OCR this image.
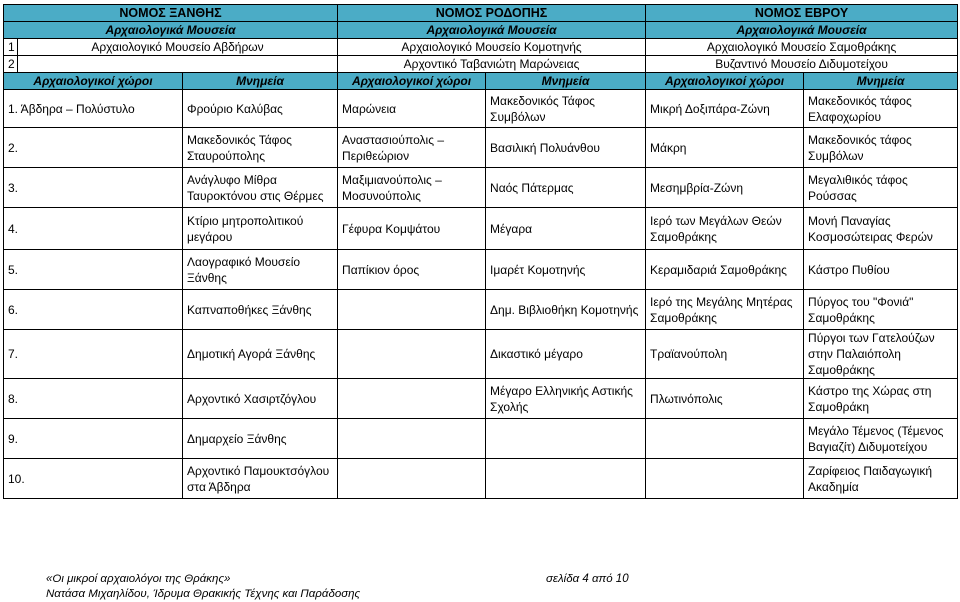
ΝΟΜΟΣ ΞΑΝΘΗΣ			ΝΟΜΟΣ ΡΟΔΟΠΗΣ		ΝΟΜΟΣ ΕΒΡΟΥ	
Αρχαιολογικά Μουσεία			Αρχαιολογικά Μουσεία		Αρχαιολογικά Μουσεία	
1	Αρχαιολογικό Μουσείο Αβδήρων		Αρχαιολογικό Μουσείο Κομοτηνής		Αρχαιολογικό Μουσείο Σαμοθράκης	
2			Αρχοντικό Ταβανιώτη Μαρώνειας		Βυζαντινό Μουσείο Διδυμοτείχου	
Αρχαιολογικοί χώροι		Μνημεία	Αρχαιολογικοί χώροι	Μνημεία	Αρχαιολογικοί χώροι	Μνημεία
1. Άβδηρα – Πολύστυλο		Φρούριο Καλύβας	Μαρώνεια	Μακεδονικός Τάφος Συμβόλων	Μικρή Δοξιπάρα-Ζώνη	Μακεδονικός τάφος Ελαφοχωρίου
2.		Μακεδονικός Τάφος Σταυρούπολης	Αναστασιούπολις – Περιθεώριον	Βασιλική Πολυάνθου	Μάκρη	Μακεδονικός τάφος Συμβόλων
3.		Ανάγλυφο Μίθρα Ταυροκτόνου στις Θέρμες	Μαξιμιανούπολις – Μοσυνούπολις	Ναός Πάτερμας	Μεσημβρία-Ζώνη	Μεγαλιθικός τάφος Ρούσσας
4.		Κτίριο μητροπολιτικού μεγάρου	Γέφυρα Κομψάτου	Μέγαρα	Ιερό των Μεγάλων Θεών Σαμοθράκης	Μονή Παναγίας Κοσμοσώτειρας Φερών
5.		Λαογραφικό Μουσείο Ξάνθης	Παπίκιον όρος	Ιμαρέτ Κομοτηνής	Κεραμιδαριά Σαμοθράκης	Κάστρο Πυθίου
6.		Καπναποθήκες Ξάνθης		Δημ. Βιβλιοθήκη Κομοτηνής	Ιερό της Μεγάλης Μητέρας Σαμοθράκης	Πύργος του "Φονιά" Σαμοθράκης
7.		Δημοτική Αγορά Ξάνθης		Δικαστικό μέγαρο	Τραϊανούπολη	Πύργοι των Γατελούζων στην Παλαιόπολη Σαμοθράκης
8.		Αρχοντικό Χασιρτζόγλου		Μέγαρο Ελληνικής Αστικής Σχολής	Πλωτινόπολις	Κάστρο της Χώρας στη Σαμοθράκη
9.		Δημαρχείο Ξάνθης				Μεγάλο Τέμενος (Τέμενος Βαγιαζίτ) Διδυμοτείχου
10.		Αρχοντικό Παμουκτσόγλου στα Άβδηρα				Ζαρίφειος Παιδαγωγική Ακαδημία
«Οι μικροί αρχαιολόγοι της Θράκης»	σελίδα 4 από 10
Νατάσα Μιχαηλίδου, Ίδρυμα Θρακικής Τέχνης και Παράδοσης
